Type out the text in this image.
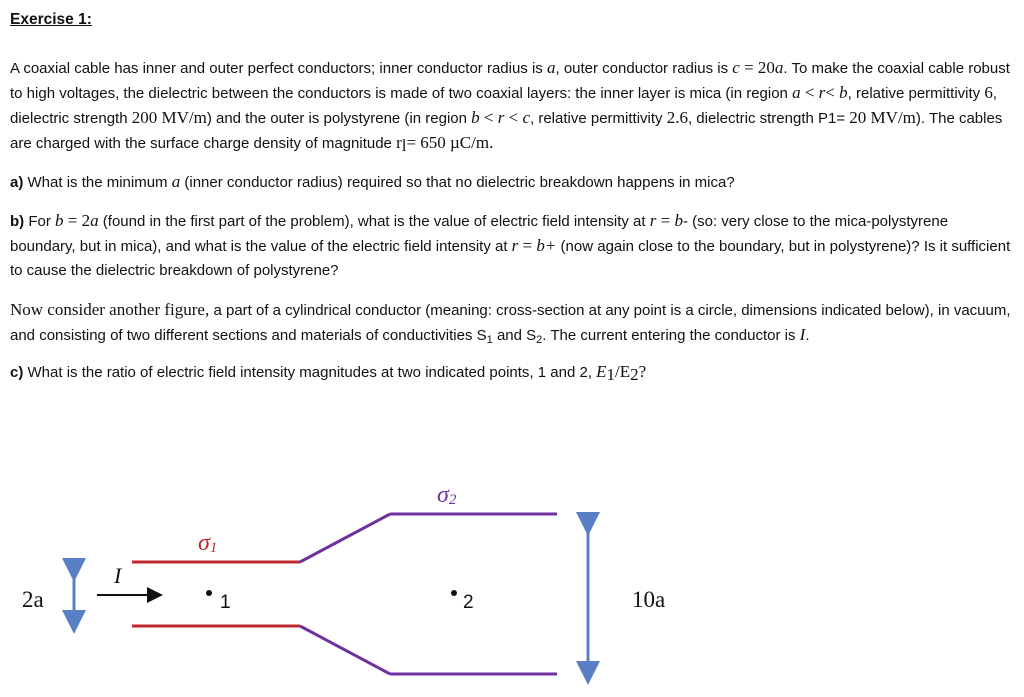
Exercise 1:

A coaxial cable has inner and outer perfect conductors; inner conductor radius is a, outer conductor radius is c = 20a. To make the coaxial cable robust to high voltages, the dielectric between the conductors is made of two coaxial layers: the inner layer is mica (in region a < r< b, relative permittivity 6, dielectric strength 200 MV/m) and the outer is polystyrene (in region b < r < c, relative permittivity 2.6, dielectric strength P1= 20 MV/m). The cables are charged with the surface charge density of magnitude $r_l= 650$ µC/m.

a) What is the minimum a (inner conductor radius) required so that no dielectric breakdown happens in mica?

b) For b = 2a (found in the first part of the problem), what is the value of electric field intensity at r = b- (so: very close to the mica-polystyrene boundary, but in mica), and what is the value of the electric field intensity at r = b+ (now again close to the boundary, but in polystyrene)? Is it sufficient to cause the dielectric breakdown of polystyrene?

Now consider another figure, a part of a cylindrical conductor (meaning: cross-section at any point is a circle, dimensions indicated below), in vacuum, and consisting of two different sections and materials of conductivities $S_1$ and $S_2$. The current entering the conductor is I.

c) What is the ratio of electric field intensity magnitudes at two indicated points, 1 and 2, $E_1/E_2$?

σ1
σ2
I
1	2
2a	10a
